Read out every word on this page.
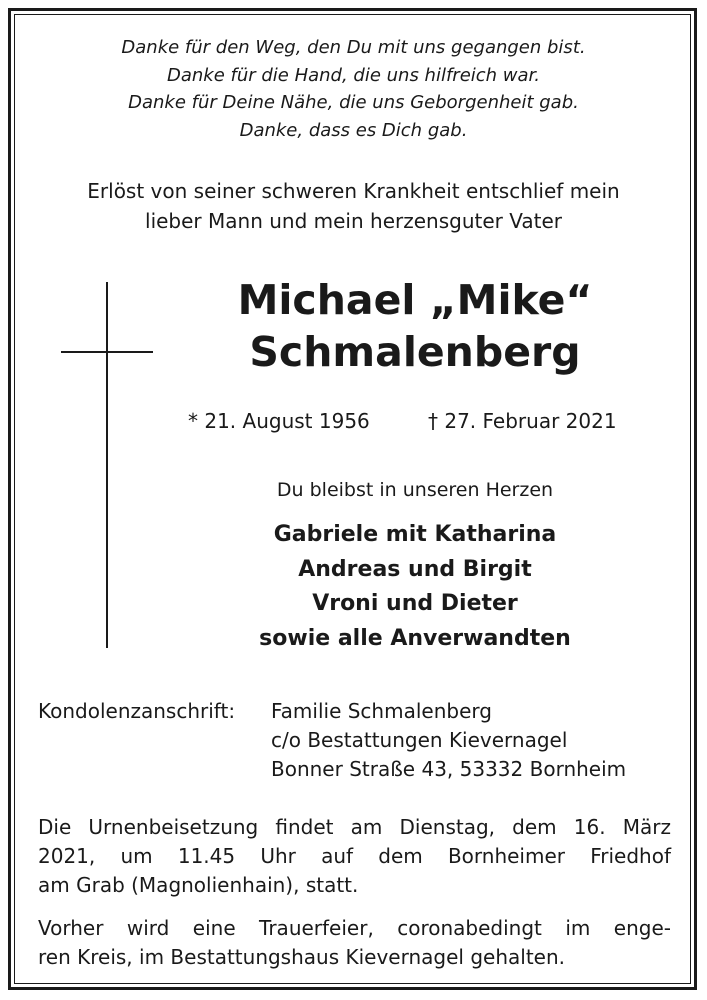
Danke für den Weg, den Du mit uns gegangen bist.
Danke für die Hand, die uns hilfreich war.
Danke für Deine Nähe, die uns Geborgenheit gab.
Danke, dass es Dich gab.
Erlöst von seiner schweren Krankheit entschlief mein
lieber Mann und mein herzensguter Vater
Michael „Mike“
Schmalenberg
* 21. August 1956	† 27. Februar 2021
Du bleibst in unseren Herzen
Gabriele mit Katharina
Andreas und Birgit
Vroni und Dieter
sowie alle Anverwandten
Kondolenzanschrift: Familie Schmalenberg
c/o Bestattungen Kievernagel
Bonner Straße 43, 53332 Bornheim
Die Urnenbeisetzung findet am Dienstag, dem 16. März
2021, um 11.45 Uhr auf dem Bornheimer Friedhof
am Grab (Magnolienhain), statt.
Vorher wird eine Trauerfeier, coronabedingt im enge-
ren Kreis, im Bestattungshaus Kievernagel gehalten.
